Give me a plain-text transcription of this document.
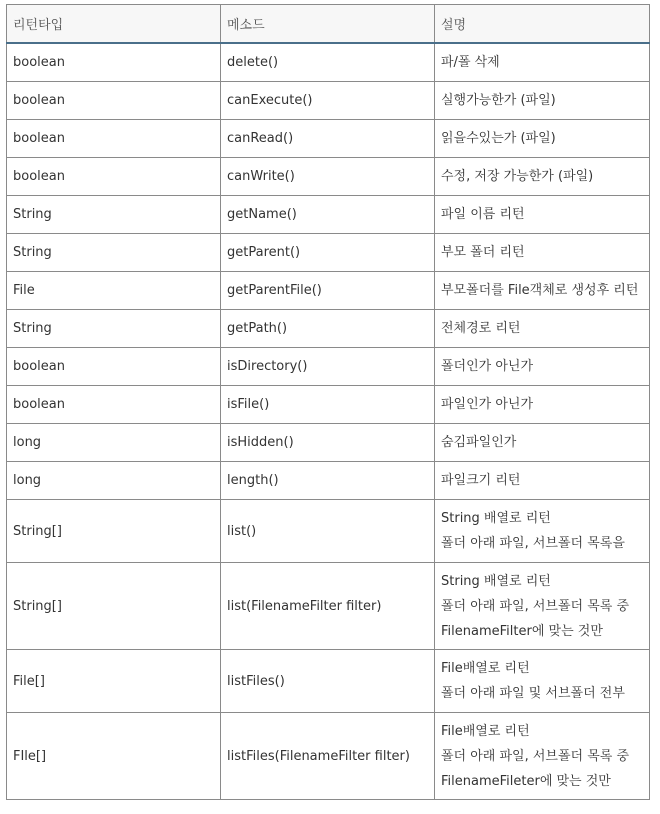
리턴타입	메소드	설명
boolean	delete()	파/폴 삭제

boolean	canExecute()	실행가능한가 (파일)

boolean	canRead()	읽을수있는가 (파일)

boolean	canWrite()	수정, 저장 가능한가 (파일)

String	getName()	파일 이름 리턴

String	getParent()	부모 폴더 리턴

File	getParentFile()	부모폴더를 File객체로 생성후 리턴

String	getPath()	전체경로 리턴

boolean	isDirectory()	폴더인가 아닌가

boolean	isFile()	파일인가 아닌가

long	isHidden()	숨김파일인가

long	length()	파일크기 리턴

String[]	list()	String 배열로 리턴
폴더 아래 파일, 서브폴더 목록을

String[]	list(FilenameFilter filter)	String 배열로 리턴
폴더 아래 파일, 서브폴더 목록 중
FilenameFilter에 맞는 것만

File[]	listFiles()	File배열로 리턴
폴더 아래 파일 및 서브폴더 전부

FIle[]	listFiles(FilenameFilter filter)	File배열로 리턴
폴더 아래 파일, 서브폴더 목록 중
FilenameFileter에 맞는 것만
